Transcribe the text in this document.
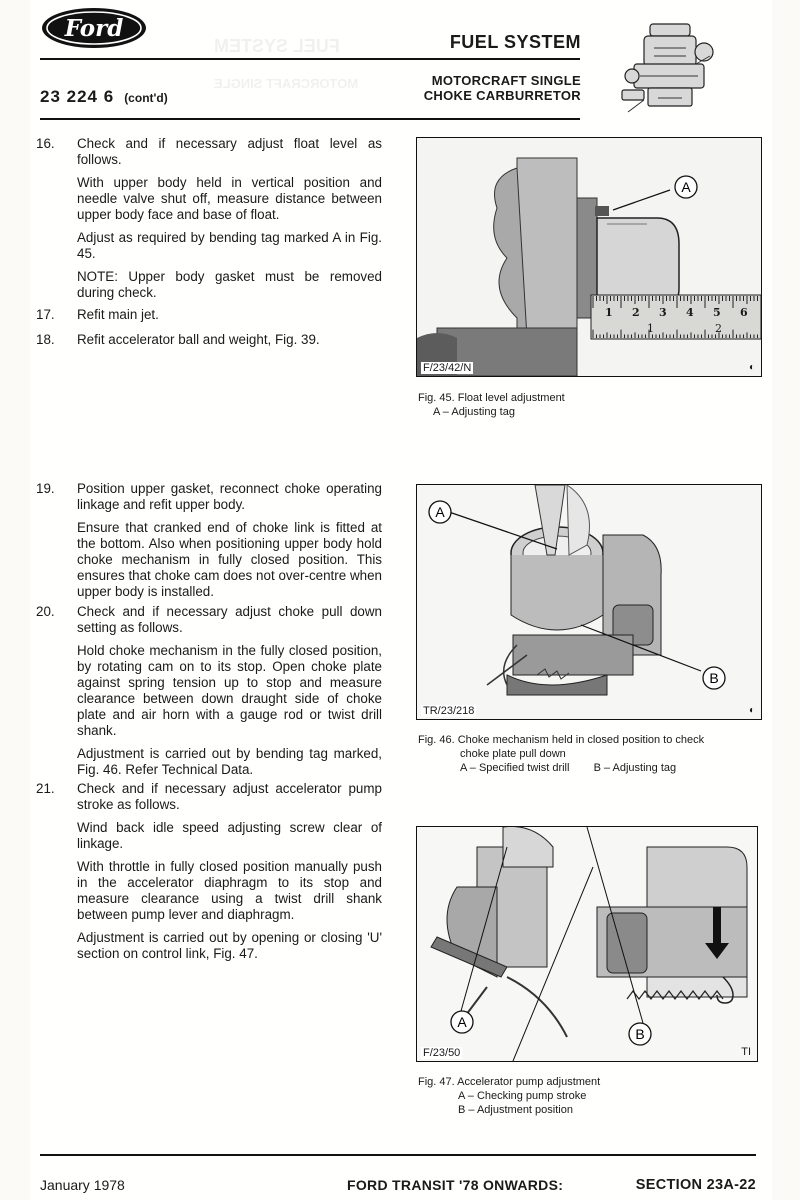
FUEL SYSTEM
MOTORCRAFT SINGLE
Ford	FUEL SYSTEM
MOTORCRAFT SINGLE
CHOKE CARBURRETOR
23 224 6 (cont'd)
16. Check and if necessary adjust float level as follows.

With upper body held in vertical position and needle valve shut off, measure distance between upper body face and base of float.

Adjust as required by bending tag marked A in Fig. 45.

NOTE: Upper body gasket must be removed during check.

17. Refit main jet.

18. Refit accelerator ball and weight, Fig. 39.

19. Position upper gasket, reconnect choke operating linkage and refit upper body.

Ensure that cranked end of choke link is fitted at the bottom. Also when positioning upper body hold choke mechanism in fully closed position. This ensures that choke cam does not over-centre when upper body is installed.

20. Check and if necessary adjust choke pull down setting as follows.

Hold choke mechanism in the fully closed position, by rotating cam on to its stop. Open choke plate against spring tension up to stop and measure clearance between down draught side of choke plate and air horn with a gauge rod or twist drill shank.

Adjustment is carried out by bending tag marked, Fig. 46. Refer Technical Data.

21. Check and if necessary adjust accelerator pump stroke as follows.

Wind back idle speed adjusting screw clear of linkage.

With throttle in fully closed position manually push in the accelerator diaphragm to its stop and measure clearance using a twist drill shank between pump lever and diaphragm.

Adjustment is carried out by opening or closing 'U' section on control link, Fig. 47.

A
1 2 3 4 5 6
1	2
F/23/42/N	◐
Fig. 45. Float level adjustment

A – Adjusting tag
A
B
TR/23/218	◐
Fig. 46. Choke mechanism held in closed position to check

choke plate pull down
A – Specified twist drill B – Adjusting tag
A
B
F/23/50	TI
Fig. 47. Accelerator pump adjustment

A – Checking pump stroke
B – Adjustment position
January 1978	FORD TRANSIT '78 ONWARDS:	SECTION 23A-22
